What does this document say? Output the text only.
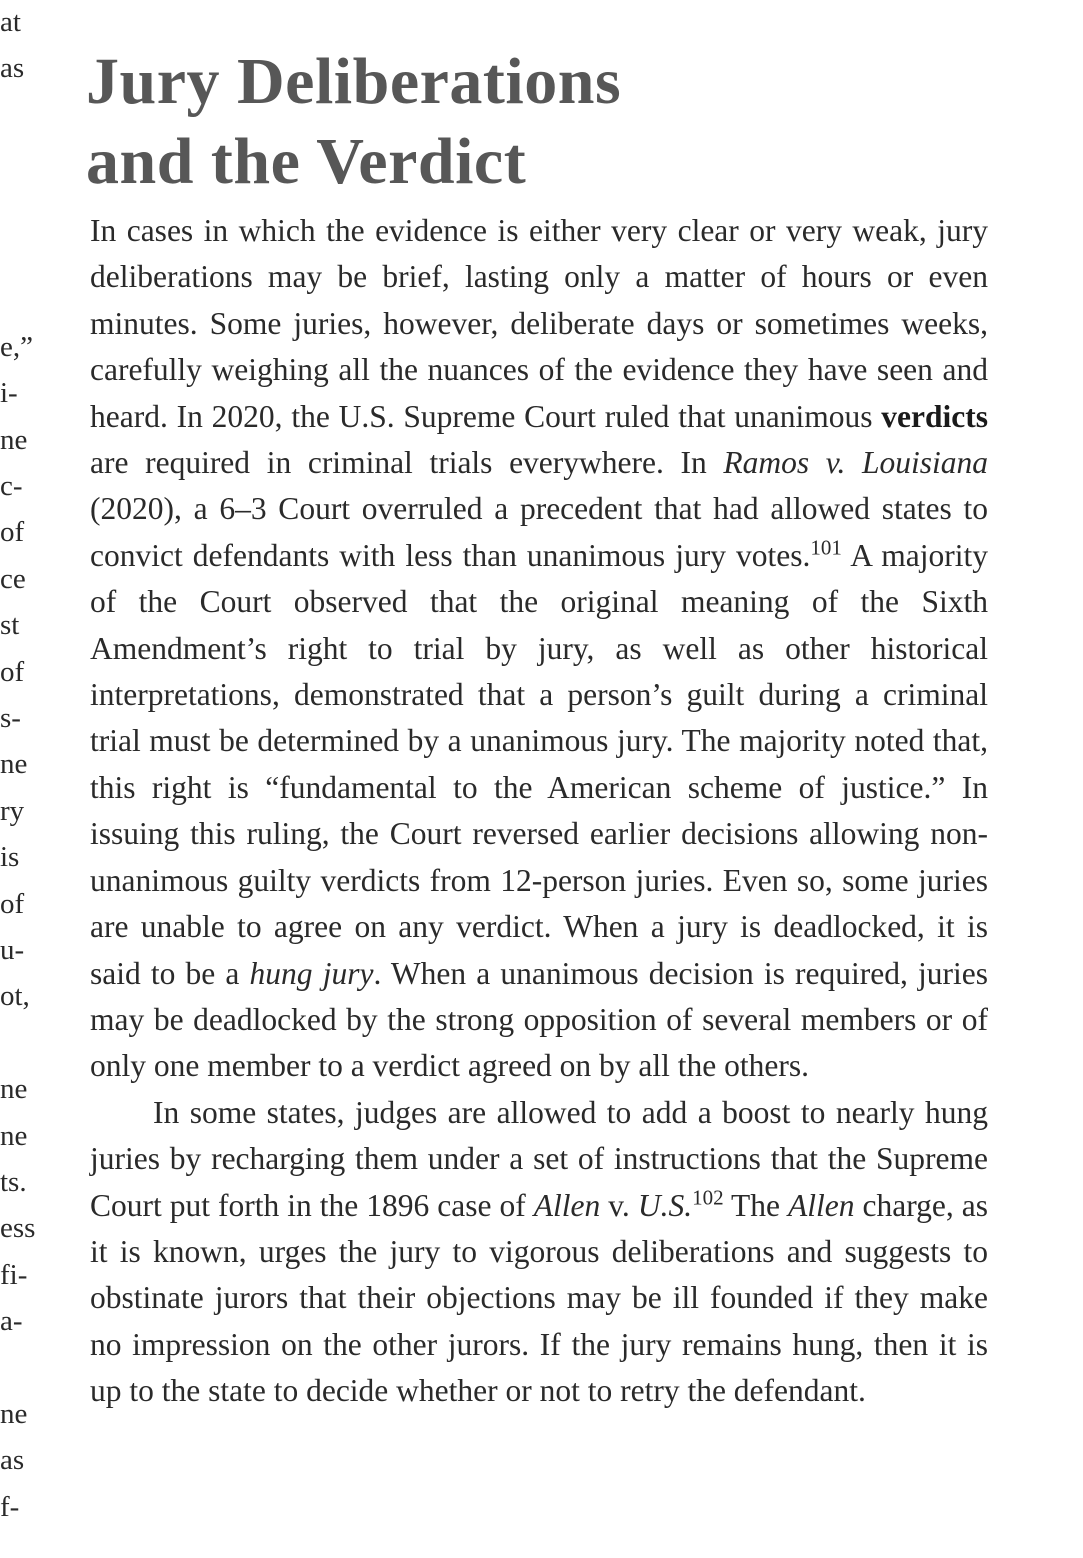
at
as
e,”
i-
ne
c-
of
ce
st
of
s-
ne
ry
is
of
u-
ot,
ne
ne
ts.
ess
fi-
a-
ne
as
f-
Jury Deliberations
and the Verdict

In cases in which the evidence is either very clear or very weak, jury deliberations may be brief, lasting only a matter of hours or even minutes. Some juries, however, deliberate days or sometimes weeks, carefully weighing all the nuances of the evidence they have seen and heard. In 2020, the U.S. Supreme Court ruled that unanimous verdicts are required in criminal trials everywhere. In Ramos v. Louisiana (2020), a 6–3 Court overruled a precedent that had allowed states to convict defendants with less than unanimous jury votes.$^{101}$ A majority of the Court observed that the original meaning of the Sixth Amendment’s right to trial by jury, as well as other historical interpretations, demonstrated that a person’s guilt during a criminal trial must be determined by a unanimous jury. The majority noted that, this right is “fundamental to the American scheme of justice.” In issuing this ruling, the Court reversed earlier decisions allowing non-unanimous guilty verdicts from 12-person juries. Even so, some juries are unable to agree on any verdict. When a jury is deadlocked, it is said to be a hung jury. When a unanimous decision is required, juries may be deadlocked by the strong opposition of several members or of only one member to a verdict agreed on by all the others.

In some states, judges are allowed to add a boost to nearly hung juries by recharging them under a set of instructions that the Supreme Court put forth in the 1896 case of Allen v. U.S.$^{102}$ The Allen charge, as it is known, urges the jury to vigorous deliberations and suggests to obstinate jurors that their objections may be ill founded if they make no impression on the other jurors. If the jury remains hung, then it is up to the state to decide whether or not to retry the defendant.
